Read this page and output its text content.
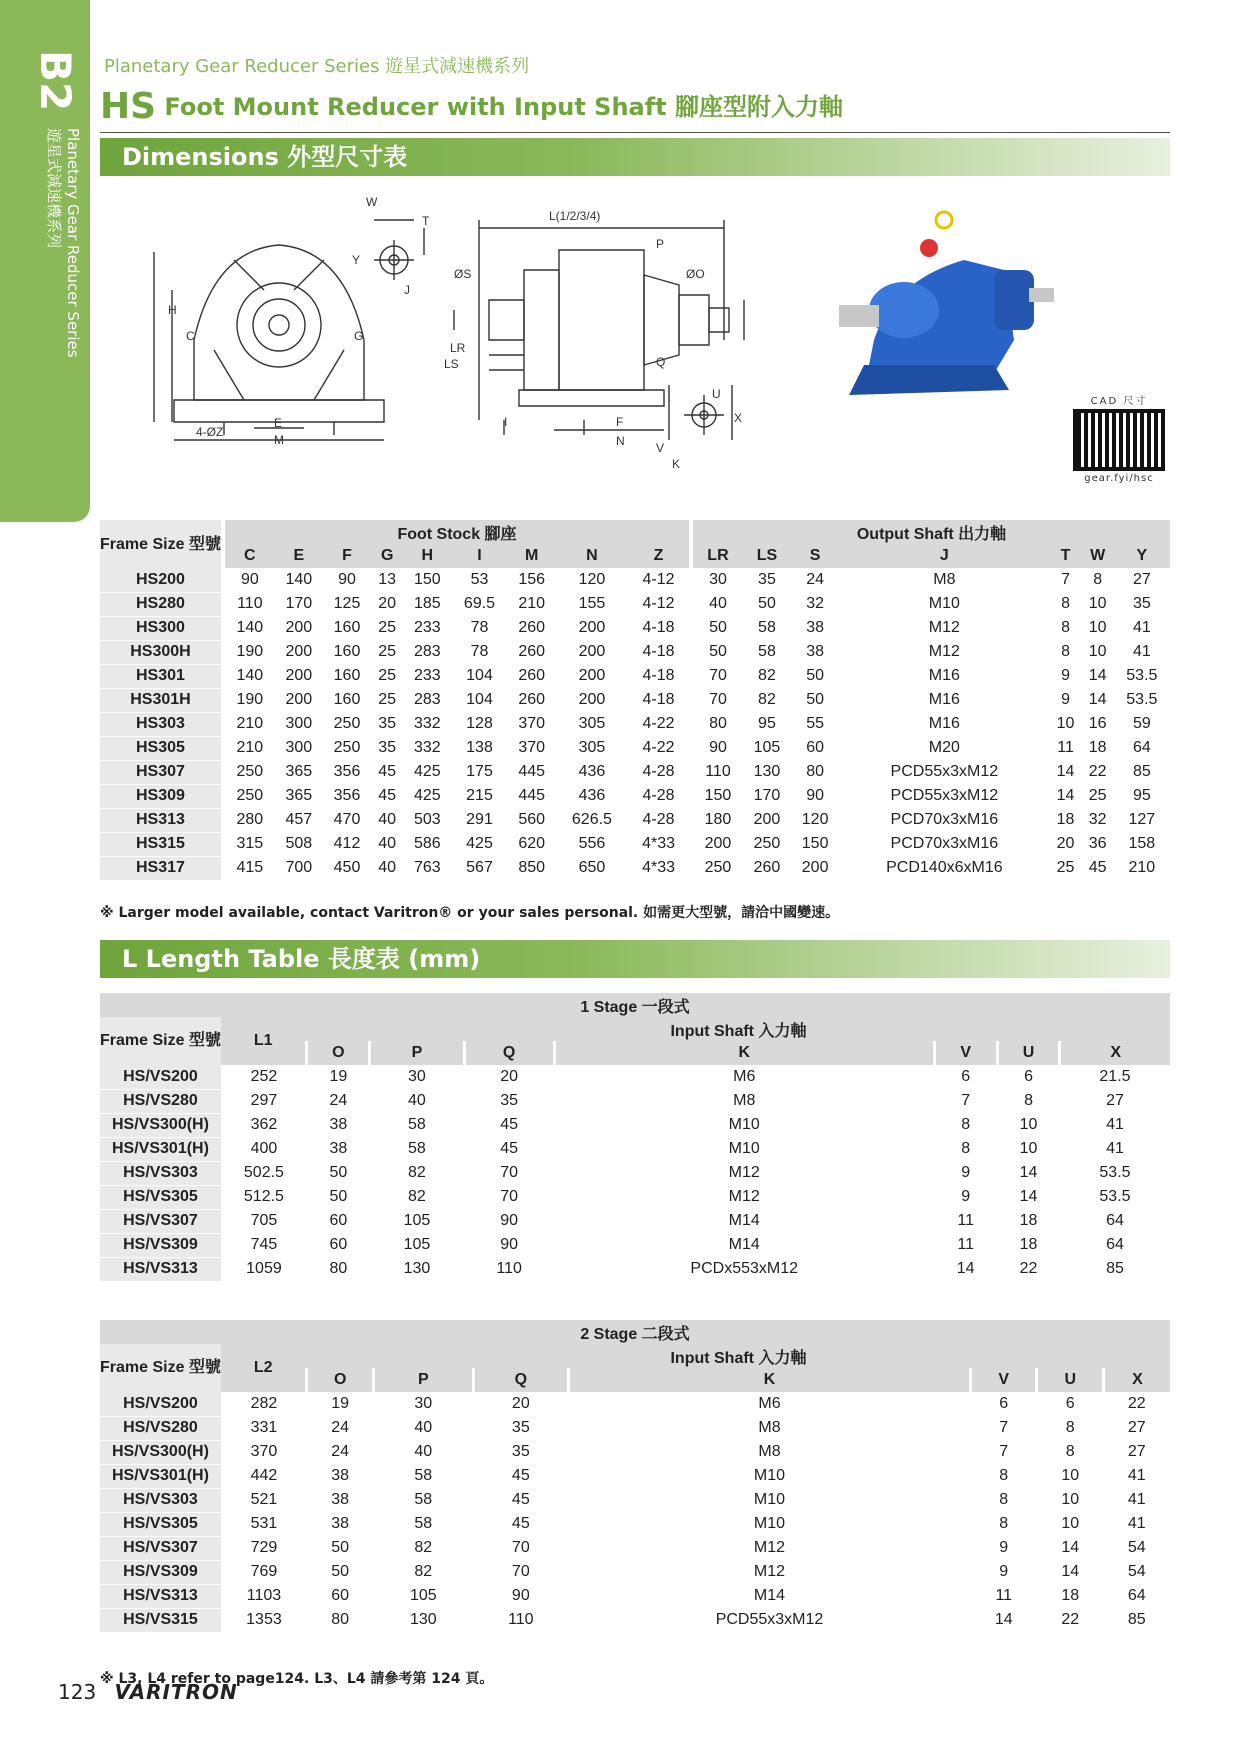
B2
Planetary Gear Reducer Series
遊星式減速機系列
Planetary Gear Reducer Series 遊星式減速機系列
HS Foot Mount Reducer with Input Shaft 腳座型附入力軸
Dimensions 外型尺寸表
W
T
Y
J
H
C	G
E
M
4-ØZ
L(1/2/3/4)
P
ØS	ØO
LR
LS	Q
I	F
N
U
V
X
K
CAD 尺寸
gear.fyi/hsc
Frame Size 型號	Foot Stock 腳座									Output Shaft 出力軸						
	C	E	F	G	H	I	M	N	Z	LR	LS	S	J	T	W	Y
HS200	90	140	90	13	150	53	156	120	4-12	30	35	24	M8	7	8	27
HS280	110	170	125	20	185	69.5	210	155	4-12	40	50	32	M10	8	10	35
HS300	140	200	160	25	233	78	260	200	4-18	50	58	38	M12	8	10	41
HS300H	190	200	160	25	283	78	260	200	4-18	50	58	38	M12	8	10	41
HS301	140	200	160	25	233	104	260	200	4-18	70	82	50	M16	9	14	53.5
HS301H	190	200	160	25	283	104	260	200	4-18	70	82	50	M16	9	14	53.5
HS303	210	300	250	35	332	128	370	305	4-22	80	95	55	M16	10	16	59
HS305	210	300	250	35	332	138	370	305	4-22	90	105	60	M20	11	18	64
HS307	250	365	356	45	425	175	445	436	4-28	110	130	80	PCD55x3xM12	14	22	85
HS309	250	365	356	45	425	215	445	436	4-28	150	170	90	PCD55x3xM12	14	25	95
HS313	280	457	470	40	503	291	560	626.5	4-28	180	200	120	PCD70x3xM16	18	32	127
HS315	315	508	412	40	586	425	620	556	4*33	200	250	150	PCD70x3xM16	20	36	158
HS317	415	700	450	40	763	567	850	650	4*33	250	260	200	PCD140x6xM16	25	45	210
※ Larger model available, contact Varitron® or your sales personal. 如需更大型號，請洽中國變速。
L Length Table 長度表 (mm)
1 Stage 一段式								
Frame Size 型號	L1	Input Shaft 入力軸						
		O	P	Q	K	V	U	X
HS/VS200	252	19	30	20	M6	6	6	21.5
HS/VS280	297	24	40	35	M8	7	8	27
HS/VS300(H)	362	38	58	45	M10	8	10	41
HS/VS301(H)	400	38	58	45	M10	8	10	41
HS/VS303	502.5	50	82	70	M12	9	14	53.5
HS/VS305	512.5	50	82	70	M12	9	14	53.5
HS/VS307	705	60	105	90	M14	11	18	64
HS/VS309	745	60	105	90	M14	11	18	64
HS/VS313	1059	80	130	110	PCDx553xM12	14	22	85
2 Stage 二段式								
Frame Size 型號	L2	Input Shaft 入力軸						
		O	P	Q	K	V	U	X
HS/VS200	282	19	30	20	M6	6	6	22
HS/VS280	331	24	40	35	M8	7	8	27
HS/VS300(H)	370	24	40	35	M8	7	8	27
HS/VS301(H)	442	38	58	45	M10	8	10	41
HS/VS303	521	38	58	45	M10	8	10	41
HS/VS305	531	38	58	45	M10	8	10	41
HS/VS307	729	50	82	70	M12	9	14	54
HS/VS309	769	50	82	70	M12	9	14	54
HS/VS313	1103	60	105	90	M14	11	18	64
HS/VS315	1353	80	130	110	PCD55x3xM12	14	22	85
※ L3, L4 refer to page124. L3、L4 請參考第 124 頁。
123 VARITRON
